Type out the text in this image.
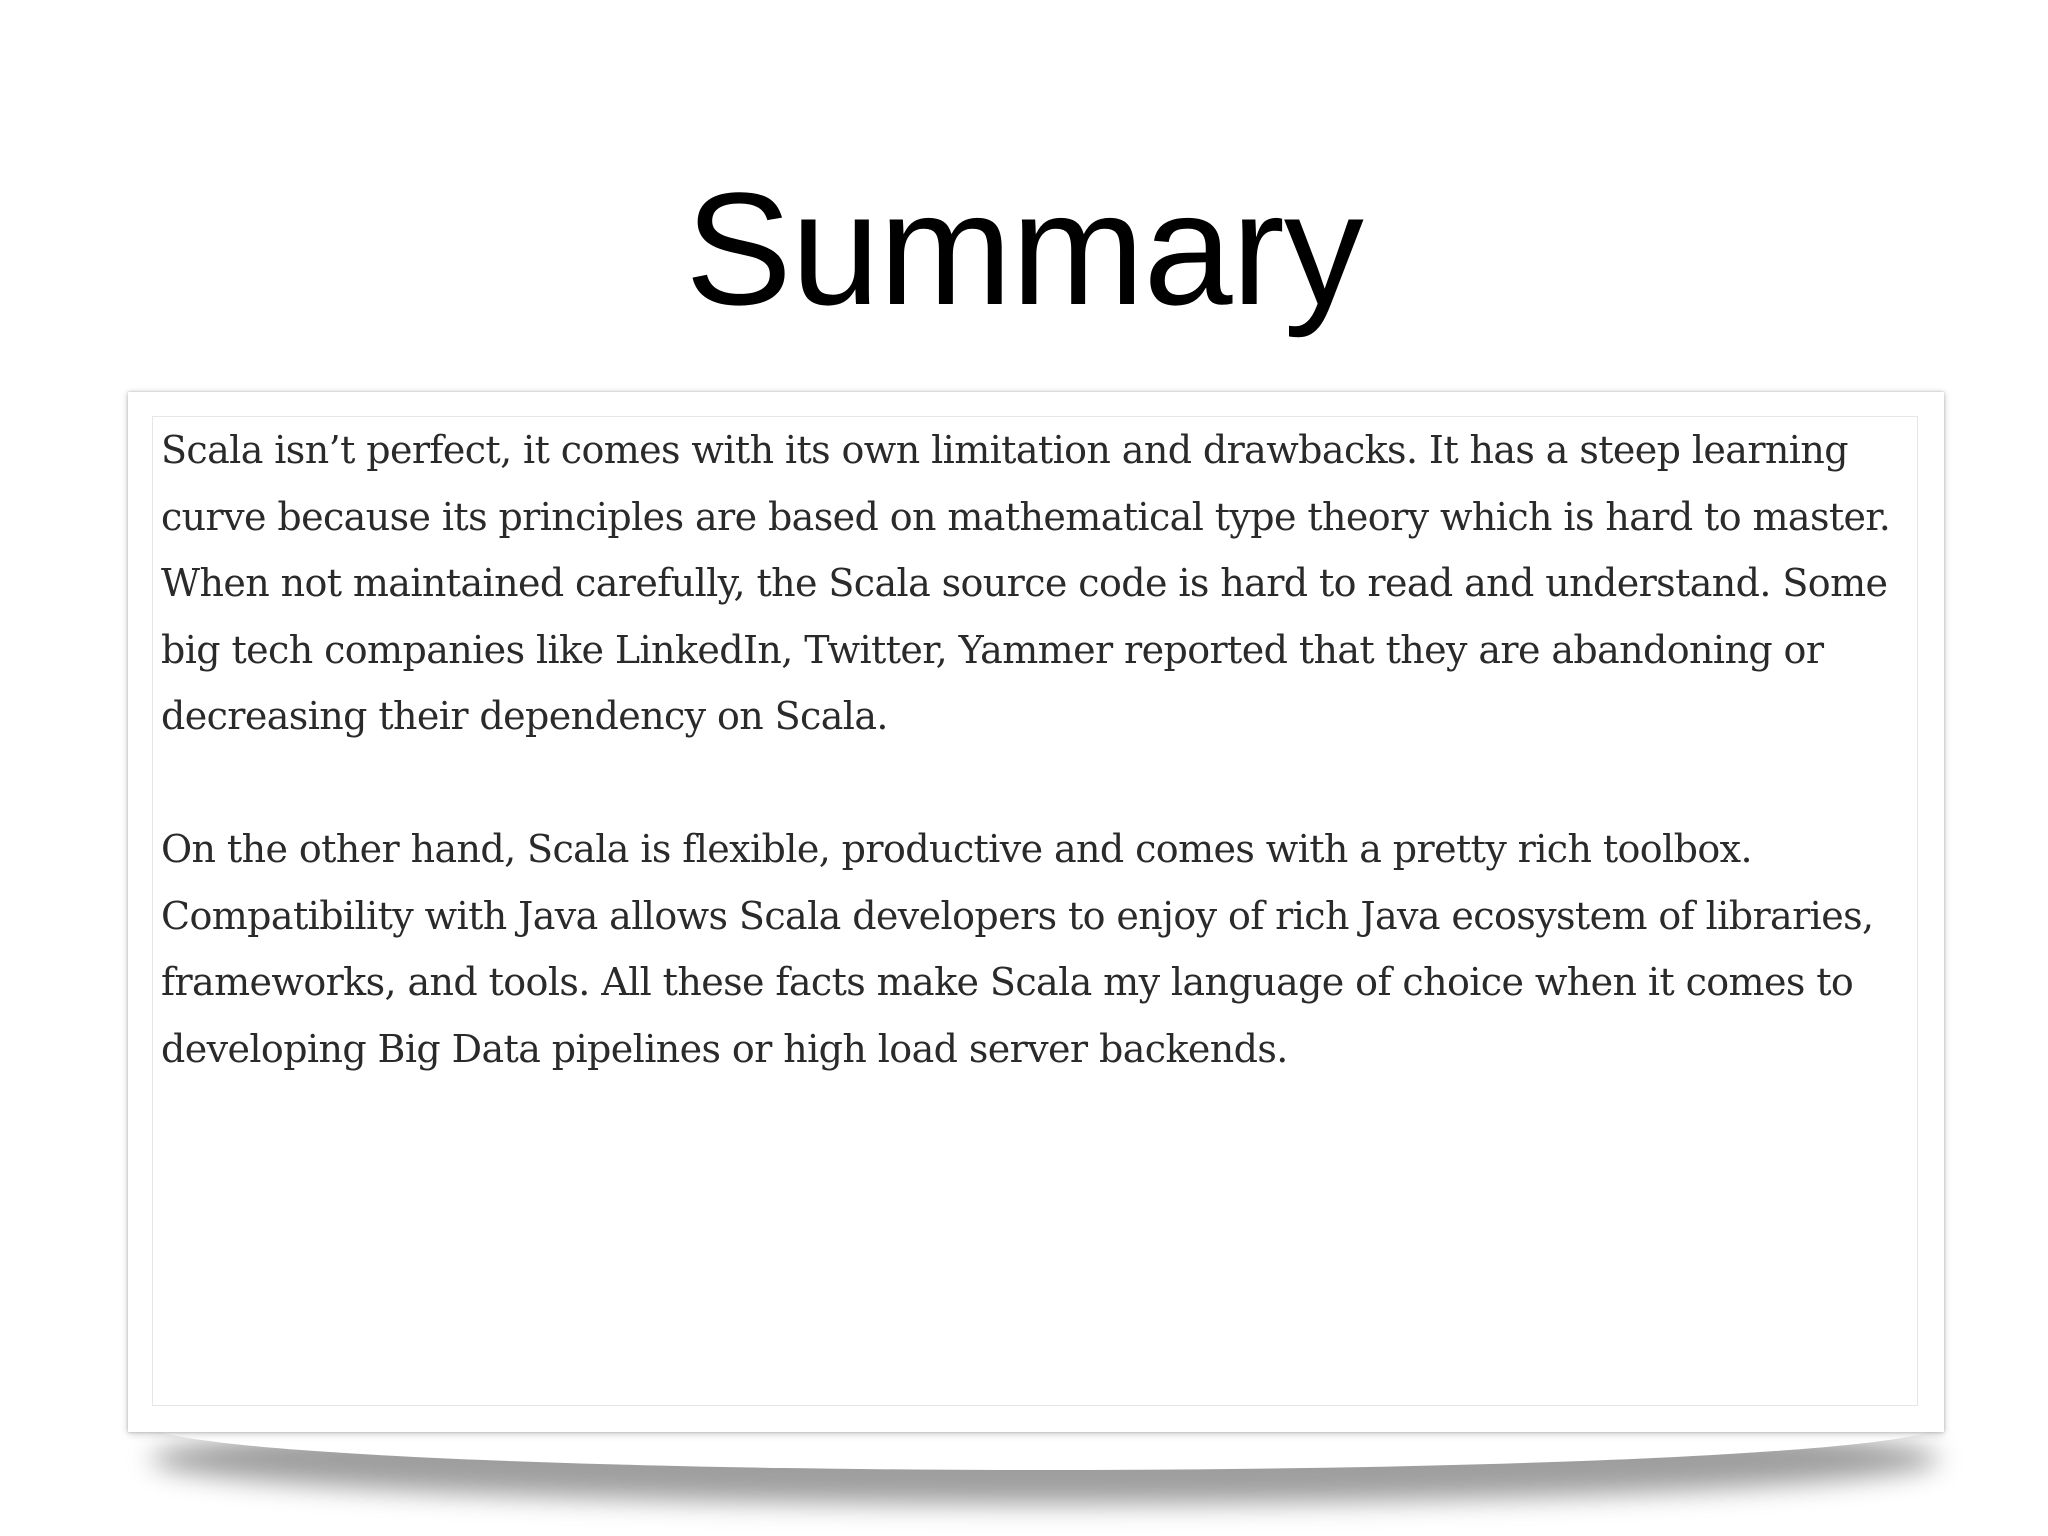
Summary

Scala isn’t perfect, it comes with its own limitation and drawbacks. It has a steep learning curve because its principles are based on mathematical type theory which is hard to master. When not maintained carefully, the Scala source code is hard to read and understand. Some big tech companies like LinkedIn, Twitter, Yammer reported that they are abandoning or decreasing their dependency on Scala.

On the other hand, Scala is flexible, productive and comes with a pretty rich toolbox. Compatibility with Java allows Scala developers to enjoy of rich Java ecosystem of libraries, frameworks, and tools. All these facts make Scala my language of choice when it comes to developing Big Data pipelines or high load server backends.
